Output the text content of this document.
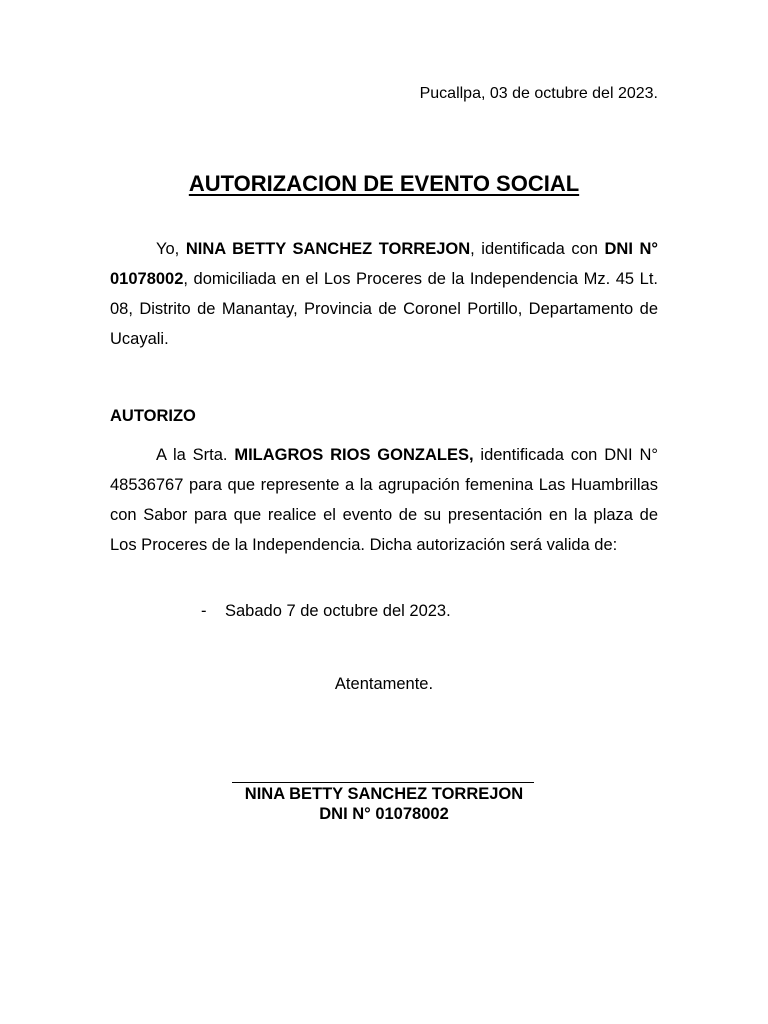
Pucallpa, 03 de octubre del 2023.
AUTORIZACION DE EVENTO SOCIAL

Yo, NINA BETTY SANCHEZ TORREJON, identificada con DNI N° 01078002, domiciliada en el Los Proceres de la Independencia Mz. 45 Lt. 08, Distrito de Manantay, Provincia de Coronel Portillo, Departamento de Ucayali.

AUTORIZO

A la Srta. MILAGROS RIOS GONZALES, identificada con DNI N° 48536767 para que represente a la agrupación femenina Las Huambrillas con Sabor para que realice el evento de su presentación en la plaza de Los Proceres de la Independencia. Dicha autorización será valida de:

- Sabado 7 de octubre del 2023.
Atentamente.
NINA BETTY SANCHEZ TORREJON
DNI N° 01078002
